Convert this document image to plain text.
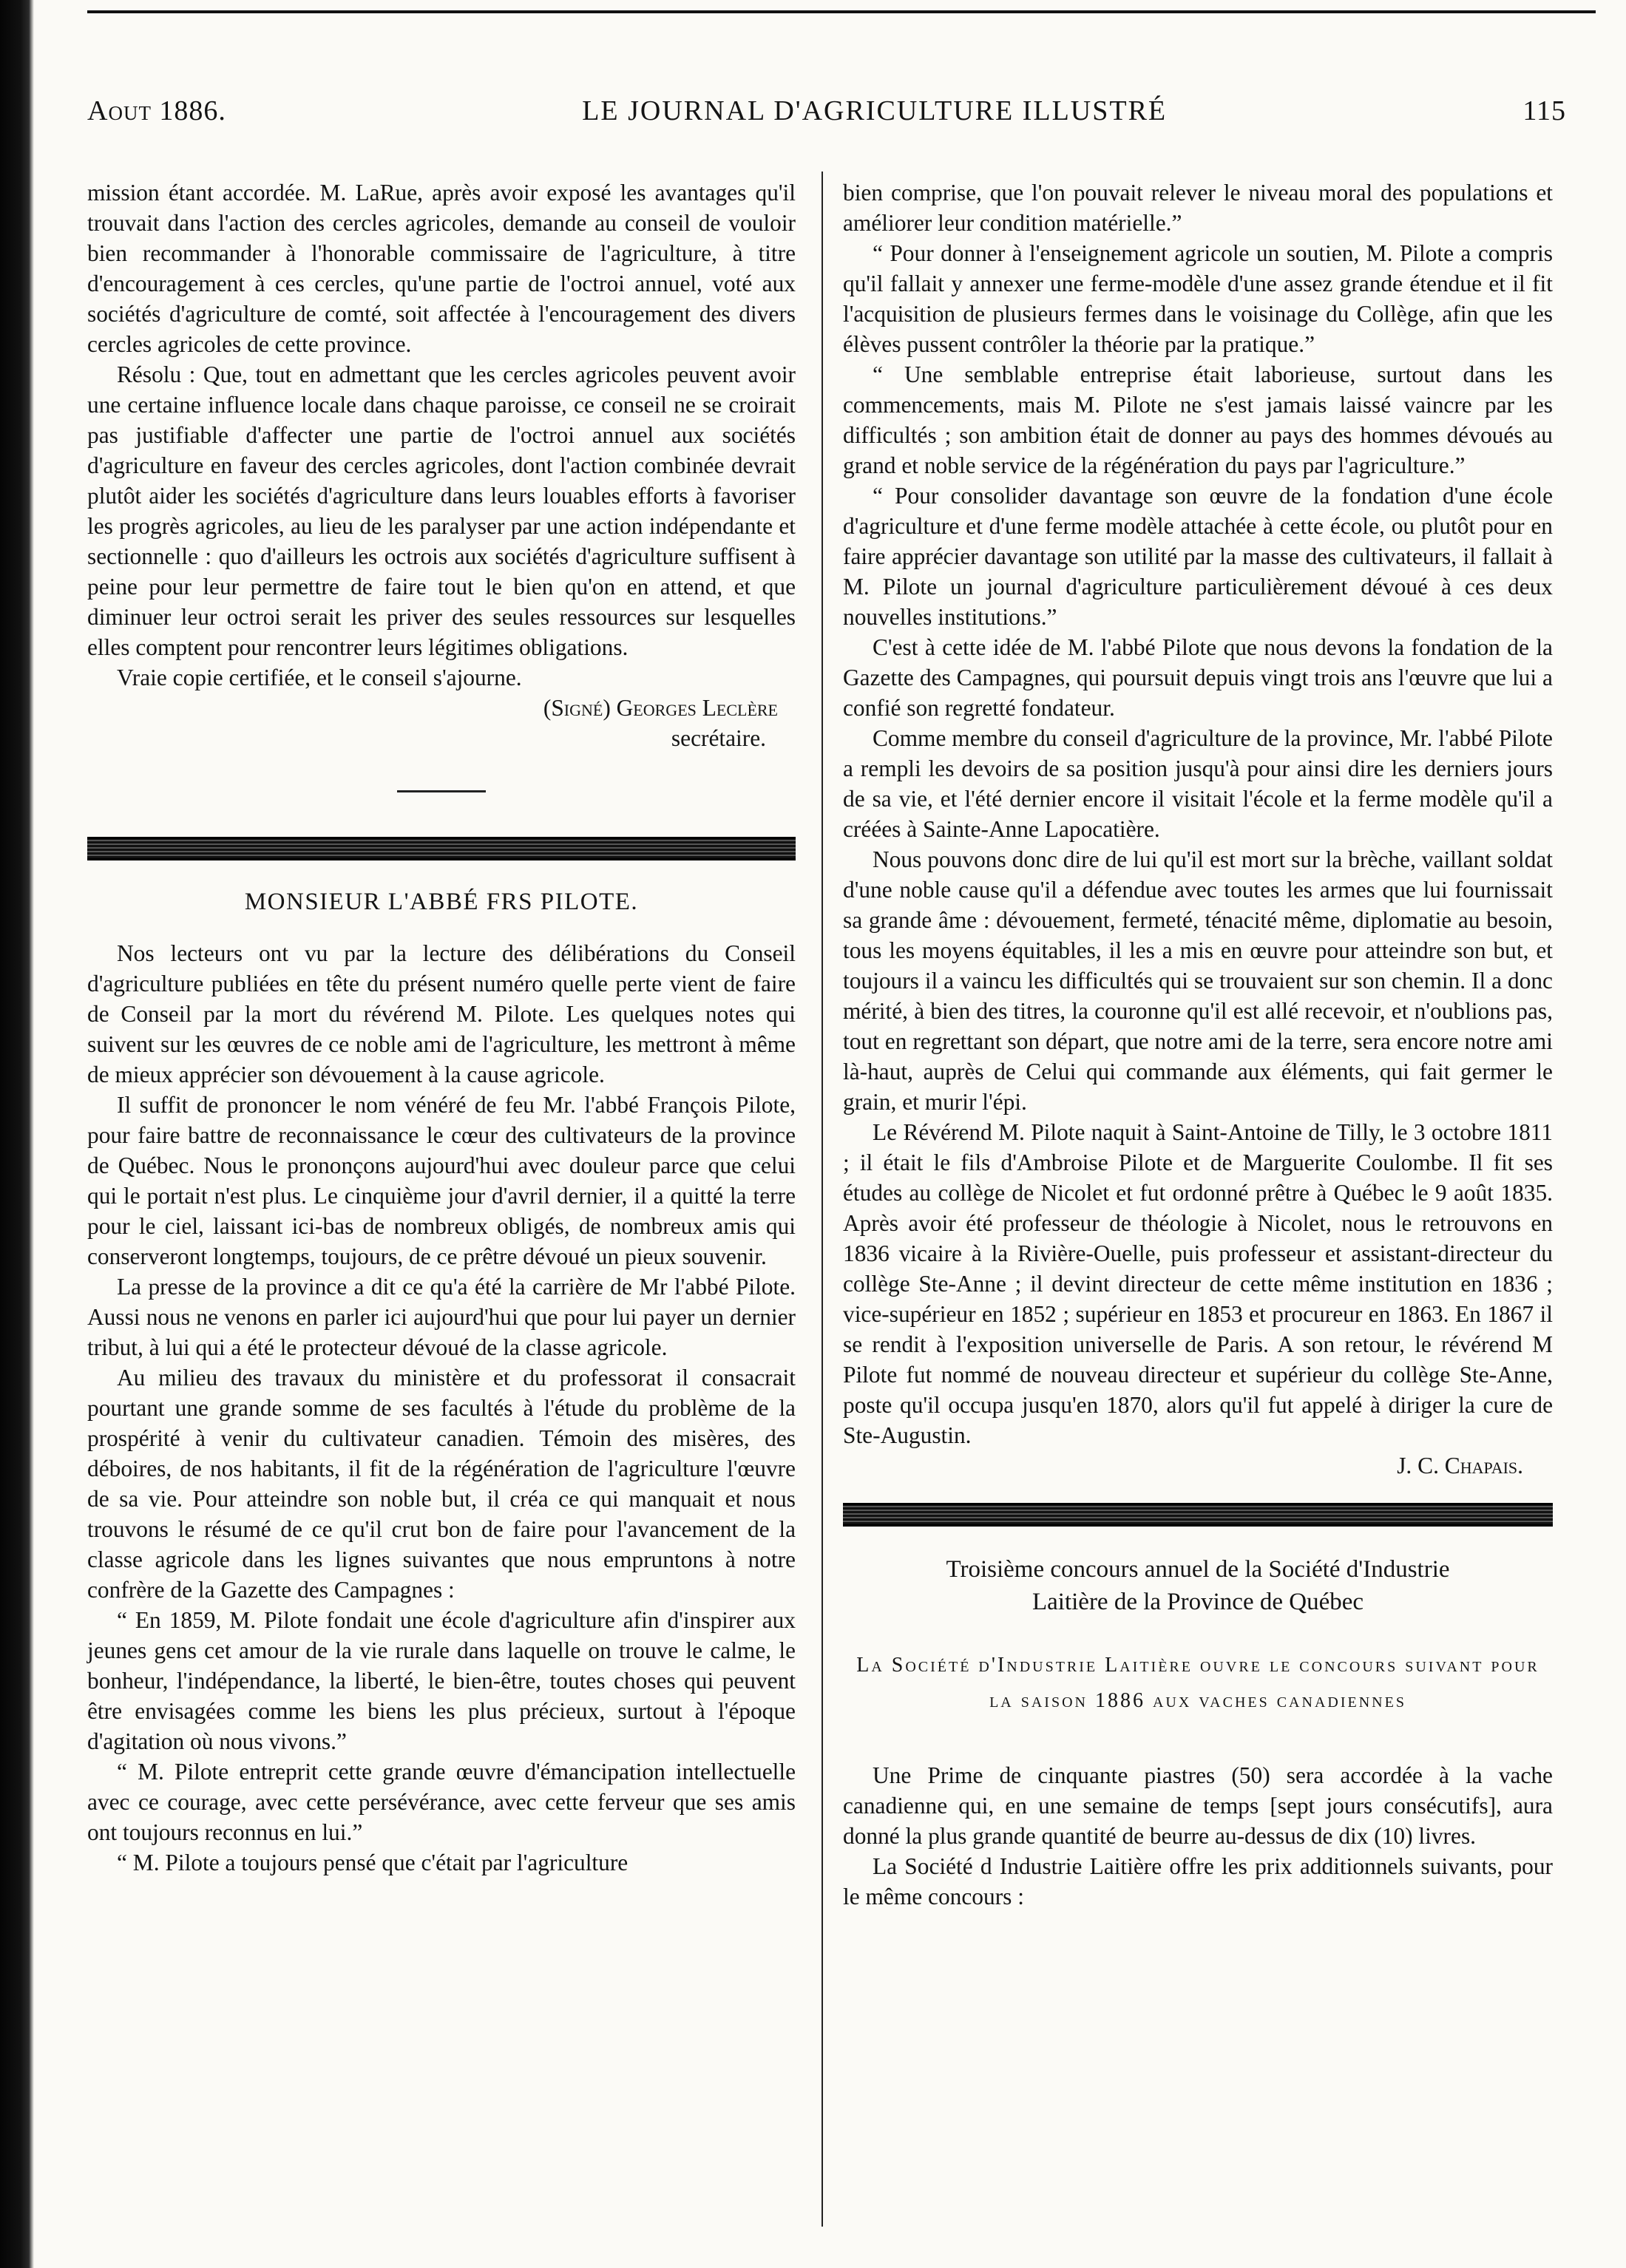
Aout 1886.	LE JOURNAL D'AGRICULTURE ILLUSTRÉ	115

mission étant accordée. M. LaRue, après avoir exposé les avantages qu'il trouvait dans l'action des cercles agricoles, demande au conseil de vouloir bien recommander à l'honorable commissaire de l'agriculture, à titre d'encouragement à ces cercles, qu'une partie de l'octroi annuel, voté aux sociétés d'agriculture de comté, soit affectée à l'encouragement des divers cercles agricoles de cette province.

Résolu : Que, tout en admettant que les cercles agricoles peuvent avoir une certaine influence locale dans chaque paroisse, ce conseil ne se croirait pas justifiable d'affecter une partie de l'octroi annuel aux sociétés d'agriculture en faveur des cercles agricoles, dont l'action combinée devrait plutôt aider les sociétés d'agriculture dans leurs louables efforts à favoriser les progrès agricoles, au lieu de les paralyser par une action indépendante et sectionnelle : quo d'ailleurs les octrois aux sociétés d'agriculture suffisent à peine pour leur permettre de faire tout le bien qu'on en attend, et que diminuer leur octroi serait les priver des seules ressources sur lesquelles elles comptent pour rencontrer leurs légitimes obligations.

Vraie copie certifiée, et le conseil s'ajourne.

(Signé) Georges Leclère

secrétaire.

MONSIEUR L'ABBÉ FRS PILOTE.

Nos lecteurs ont vu par la lecture des délibérations du Conseil d'agriculture publiées en tête du présent numéro quelle perte vient de faire de Conseil par la mort du révérend M. Pilote. Les quelques notes qui suivent sur les œuvres de ce noble ami de l'agriculture, les mettront à même de mieux apprécier son dévouement à la cause agricole.

Il suffit de prononcer le nom vénéré de feu Mr. l'abbé François Pilote, pour faire battre de reconnaissance le cœur des cultivateurs de la province de Québec. Nous le prononçons aujourd'hui avec douleur parce que celui qui le portait n'est plus. Le cinquième jour d'avril dernier, il a quitté la terre pour le ciel, laissant ici-bas de nombreux obligés, de nombreux amis qui conserveront longtemps, toujours, de ce prêtre dévoué un pieux souvenir.

La presse de la province a dit ce qu'a été la carrière de Mr l'abbé Pilote. Aussi nous ne venons en parler ici aujourd'hui que pour lui payer un dernier tribut, à lui qui a été le protecteur dévoué de la classe agricole.

Au milieu des travaux du ministère et du professorat il consacrait pourtant une grande somme de ses facultés à l'étude du problème de la prospérité à venir du cultivateur canadien. Témoin des misères, des déboires, de nos habitants, il fit de la régénération de l'agriculture l'œuvre de sa vie. Pour atteindre son noble but, il créa ce qui manquait et nous trouvons le résumé de ce qu'il crut bon de faire pour l'avancement de la classe agricole dans les lignes suivantes que nous empruntons à notre confrère de la Gazette des Campagnes :

“ En 1859, M. Pilote fondait une école d'agriculture afin d'inspirer aux jeunes gens cet amour de la vie rurale dans laquelle on trouve le calme, le bonheur, l'indépendance, la liberté, le bien-être, toutes choses qui peuvent être envisagées comme les biens les plus précieux, surtout à l'époque d'agitation où nous vivons.”

“ M. Pilote entreprit cette grande œuvre d'émancipation intellectuelle avec ce courage, avec cette persévérance, avec cette ferveur que ses amis ont toujours reconnus en lui.”

“ M. Pilote a toujours pensé que c'était par l'agriculture

bien comprise, que l'on pouvait relever le niveau moral des populations et améliorer leur condition matérielle.”

“ Pour donner à l'enseignement agricole un soutien, M. Pilote a compris qu'il fallait y annexer une ferme-modèle d'une assez grande étendue et il fit l'acquisition de plusieurs fermes dans le voisinage du Collège, afin que les élèves pussent contrôler la théorie par la pratique.”

“ Une semblable entreprise était laborieuse, surtout dans les commencements, mais M. Pilote ne s'est jamais laissé vaincre par les difficultés ; son ambition était de donner au pays des hommes dévoués au grand et noble service de la régénération du pays par l'agriculture.”

“ Pour consolider davantage son œuvre de la fondation d'une école d'agriculture et d'une ferme modèle attachée à cette école, ou plutôt pour en faire apprécier davantage son utilité par la masse des cultivateurs, il fallait à M. Pilote un journal d'agriculture particulièrement dévoué à ces deux nouvelles institutions.”

C'est à cette idée de M. l'abbé Pilote que nous devons la fondation de la Gazette des Campagnes, qui poursuit depuis vingt trois ans l'œuvre que lui a confié son regretté fondateur.

Comme membre du conseil d'agriculture de la province, Mr. l'abbé Pilote a rempli les devoirs de sa position jusqu'à pour ainsi dire les derniers jours de sa vie, et l'été dernier encore il visitait l'école et la ferme modèle qu'il a créées à Sainte-Anne Lapocatière.

Nous pouvons donc dire de lui qu'il est mort sur la brèche, vaillant soldat d'une noble cause qu'il a défendue avec toutes les armes que lui fournissait sa grande âme : dévouement, fermeté, ténacité même, diplomatie au besoin, tous les moyens équitables, il les a mis en œuvre pour atteindre son but, et toujours il a vaincu les difficultés qui se trouvaient sur son chemin. Il a donc mérité, à bien des titres, la couronne qu'il est allé recevoir, et n'oublions pas, tout en regrettant son départ, que notre ami de la terre, sera encore notre ami là-haut, auprès de Celui qui commande aux éléments, qui fait germer le grain, et murir l'épi.

Le Révérend M. Pilote naquit à Saint-Antoine de Tilly, le 3 octobre 1811 ; il était le fils d'Ambroise Pilote et de Marguerite Coulombe. Il fit ses études au collège de Nicolet et fut ordonné prêtre à Québec le 9 août 1835. Après avoir été professeur de théologie à Nicolet, nous le retrouvons en 1836 vicaire à la Rivière-Ouelle, puis professeur et assistant-directeur du collège Ste-Anne ; il devint directeur de cette même institution en 1836 ; vice-supérieur en 1852 ; supérieur en 1853 et procureur en 1863. En 1867 il se rendit à l'exposition universelle de Paris. A son retour, le révérend M Pilote fut nommé de nouveau directeur et supérieur du collège Ste-Anne, poste qu'il occupa jusqu'en 1870, alors qu'il fut appelé à diriger la cure de Ste-Augustin.

J. C. Chapais.

Troisième concours annuel de la Société d'Industrie
Laitière de la Province de Québec
La Société d'Industrie Laitière ouvre le concours suivant pour la saison 1886 aux vaches canadiennes

Une Prime de cinquante piastres (50) sera accordée à la vache canadienne qui, en une semaine de temps [sept jours consécutifs], aura donné la plus grande quantité de beurre au-dessus de dix (10) livres.

La Société d Industrie Laitière offre les prix additionnels suivants, pour le même concours :
